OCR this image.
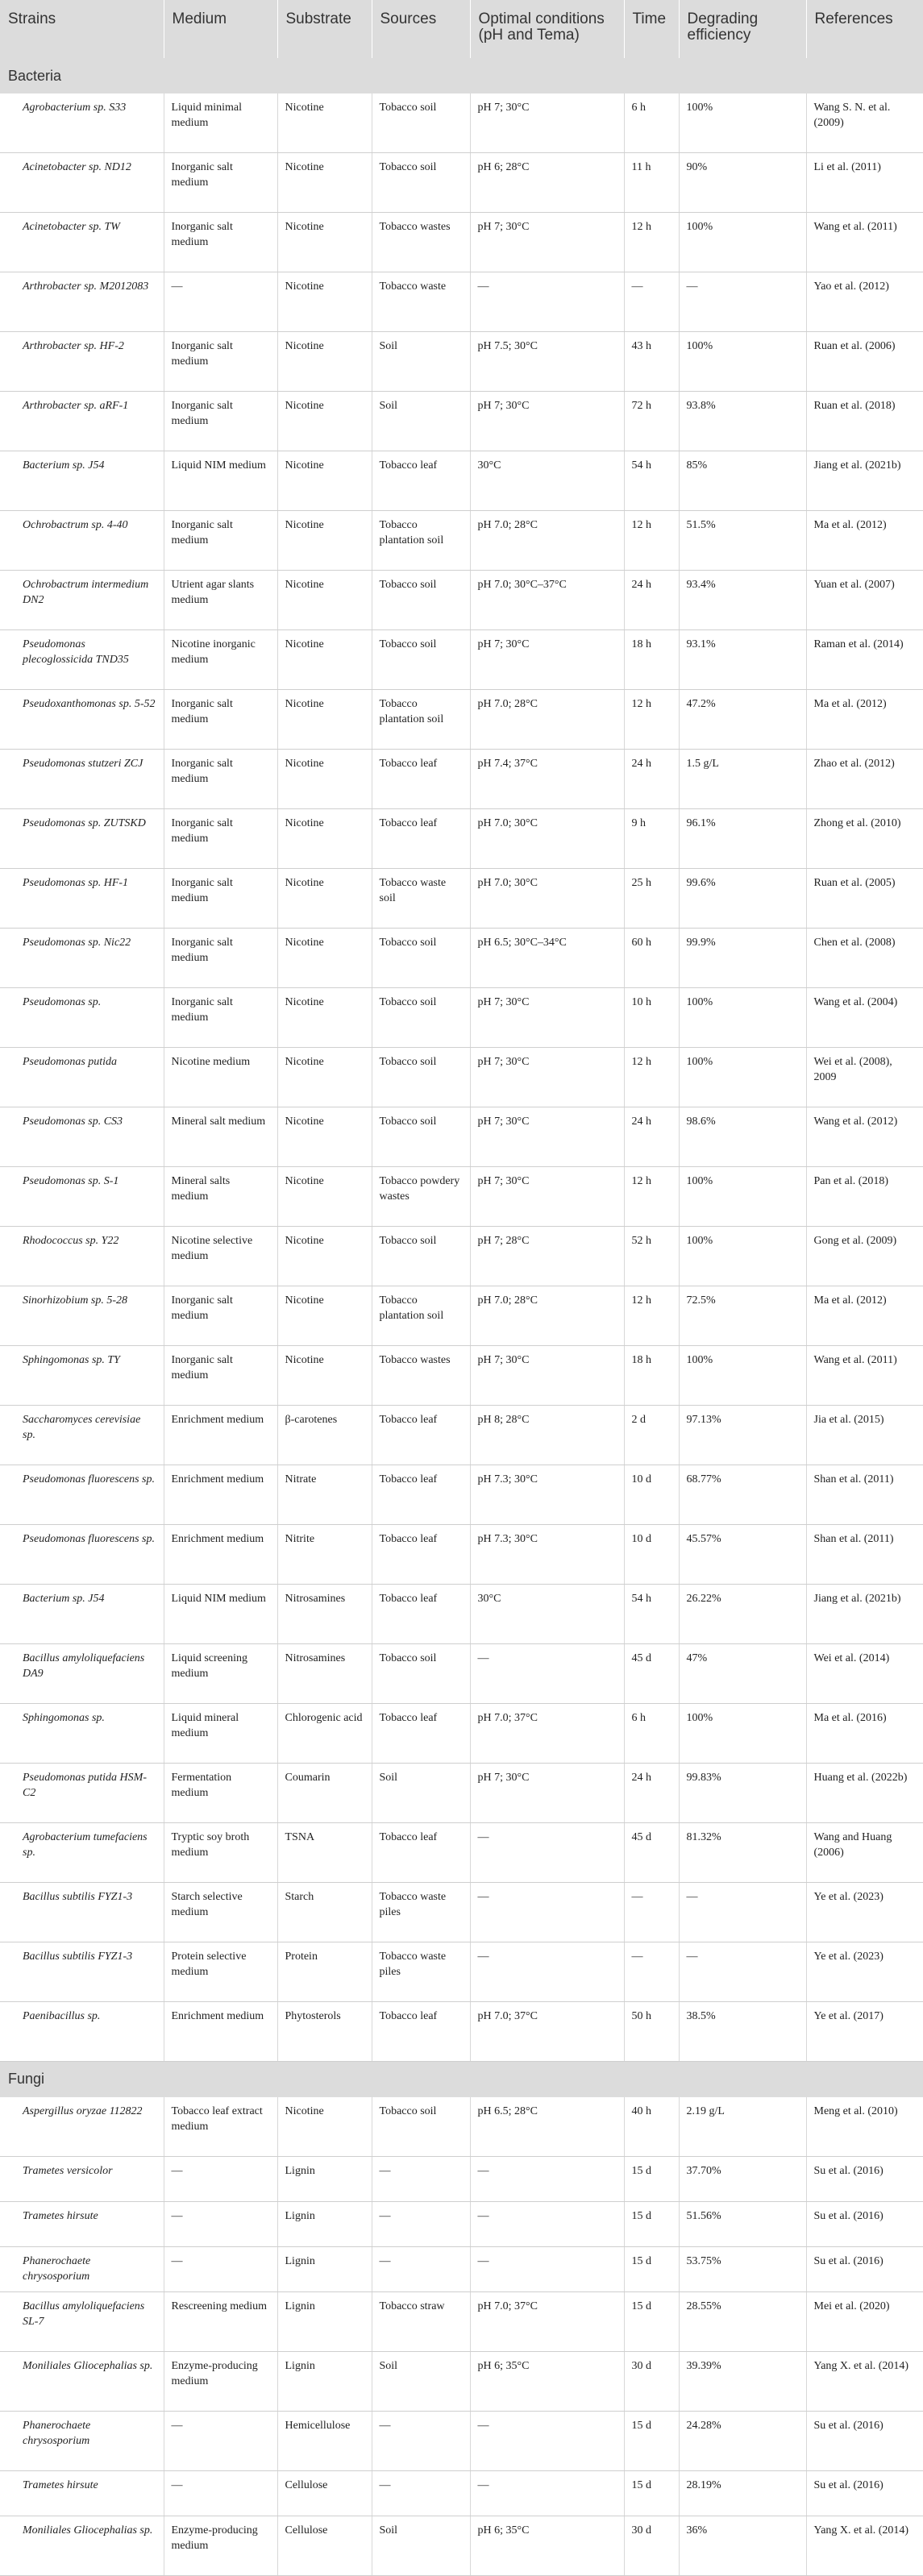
Strains	Medium	Substrate	Sources	Optimal conditions (pH and Tema)	Time	Degrading efficiency	References
Bacteria							
Agrobacterium sp. S33	Liquid minimal medium	Nicotine	Tobacco soil	pH 7; 30°C	6 h	100%	Wang S. N. et al. (2009)
Acinetobacter sp. ND12	Inorganic salt medium	Nicotine	Tobacco soil	pH 6; 28°C	11 h	90%	Li et al. (2011)
Acinetobacter sp. TW	Inorganic salt medium	Nicotine	Tobacco wastes	pH 7; 30°C	12 h	100%	Wang et al. (2011)
Arthrobacter sp. M2012083	—	Nicotine	Tobacco waste	—	—	—	Yao et al. (2012)
Arthrobacter sp. HF-2	Inorganic salt medium	Nicotine	Soil	pH 7.5; 30°C	43 h	100%	Ruan et al. (2006)
Arthrobacter sp. aRF-1	Inorganic salt medium	Nicotine	Soil	pH 7; 30°C	72 h	93.8%	Ruan et al. (2018)
Bacterium sp. J54	Liquid NIM medium	Nicotine	Tobacco leaf	30°C	54 h	85%	Jiang et al. (2021b)
Ochrobactrum sp. 4-40	Inorganic salt medium	Nicotine	Tobacco plantation soil	pH 7.0; 28°C	12 h	51.5%	Ma et al. (2012)
Ochrobactrum intermedium DN2	Utrient agar slants medium	Nicotine	Tobacco soil	pH 7.0; 30°C–37°C	24 h	93.4%	Yuan et al. (2007)
Pseudomonas plecoglossicida TND35	Nicotine inorganic medium	Nicotine	Tobacco soil	pH 7; 30°C	18 h	93.1%	Raman et al. (2014)
Pseudoxanthomonas sp. 5-52	Inorganic salt medium	Nicotine	Tobacco plantation soil	pH 7.0; 28°C	12 h	47.2%	Ma et al. (2012)
Pseudomonas stutzeri ZCJ	Inorganic salt medium	Nicotine	Tobacco leaf	pH 7.4; 37°C	24 h	1.5 g/L	Zhao et al. (2012)
Pseudomonas sp. ZUTSKD	Inorganic salt medium	Nicotine	Tobacco leaf	pH 7.0; 30°C	9 h	96.1%	Zhong et al. (2010)
Pseudomonas sp. HF-1	Inorganic salt medium	Nicotine	Tobacco waste soil	pH 7.0; 30°C	25 h	99.6%	Ruan et al. (2005)
Pseudomonas sp. Nic22	Inorganic salt medium	Nicotine	Tobacco soil	pH 6.5; 30°C–34°C	60 h	99.9%	Chen et al. (2008)
Pseudomonas sp.	Inorganic salt medium	Nicotine	Tobacco soil	pH 7; 30°C	10 h	100%	Wang et al. (2004)
Pseudomonas putida	Nicotine medium	Nicotine	Tobacco soil	pH 7; 30°C	12 h	100%	Wei et al. (2008), 2009
Pseudomonas sp. CS3	Mineral salt medium	Nicotine	Tobacco soil	pH 7; 30°C	24 h	98.6%	Wang et al. (2012)
Pseudomonas sp. S-1	Mineral salts medium	Nicotine	Tobacco powdery wastes	pH 7; 30°C	12 h	100%	Pan et al. (2018)
Rhodococcus sp. Y22	Nicotine selective medium	Nicotine	Tobacco soil	pH 7; 28°C	52 h	100%	Gong et al. (2009)
Sinorhizobium sp. 5-28	Inorganic salt medium	Nicotine	Tobacco plantation soil	pH 7.0; 28°C	12 h	72.5%	Ma et al. (2012)
Sphingomonas sp. TY	Inorganic salt medium	Nicotine	Tobacco wastes	pH 7; 30°C	18 h	100%	Wang et al. (2011)
Saccharomyces cerevisiae sp.	Enrichment medium	β-carotenes	Tobacco leaf	pH 8; 28°C	2 d	97.13%	Jia et al. (2015)
Pseudomonas fluorescens sp.	Enrichment medium	Nitrate	Tobacco leaf	pH 7.3; 30°C	10 d	68.77%	Shan et al. (2011)
Pseudomonas fluorescens sp.	Enrichment medium	Nitrite	Tobacco leaf	pH 7.3; 30°C	10 d	45.57%	Shan et al. (2011)
Bacterium sp. J54	Liquid NIM medium	Nitrosamines	Tobacco leaf	30°C	54 h	26.22%	Jiang et al. (2021b)
Bacillus amyloliquefaciens DA9	Liquid screening medium	Nitrosamines	Tobacco soil	—	45 d	47%	Wei et al. (2014)
Sphingomonas sp.	Liquid mineral medium	Chlorogenic acid	Tobacco leaf	pH 7.0; 37°C	6 h	100%	Ma et al. (2016)
Pseudomonas putida HSM-C2	Fermentation medium	Coumarin	Soil	pH 7; 30°C	24 h	99.83%	Huang et al. (2022b)
Agrobacterium tumefaciens sp.	Tryptic soy broth medium	TSNA	Tobacco leaf	—	45 d	81.32%	Wang and Huang (2006)
Bacillus subtilis FYZ1-3	Starch selective medium	Starch	Tobacco waste piles	—	—	—	Ye et al. (2023)
Bacillus subtilis FYZ1-3	Protein selective medium	Protein	Tobacco waste piles	—	—	—	Ye et al. (2023)
Paenibacillus sp.	Enrichment medium	Phytosterols	Tobacco leaf	pH 7.0; 37°C	50 h	38.5%	Ye et al. (2017)
Fungi							
Aspergillus oryzae 112822	Tobacco leaf extract medium	Nicotine	Tobacco soil	pH 6.5; 28°C	40 h	2.19 g/L	Meng et al. (2010)
Trametes versicolor	—	Lignin	—	—	15 d	37.70%	Su et al. (2016)
Trametes hirsute	—	Lignin	—	—	15 d	51.56%	Su et al. (2016)
Phanerochaete chrysosporium	—	Lignin	—	—	15 d	53.75%	Su et al. (2016)
Bacillus amyloliquefaciens SL-7	Rescreening medium	Lignin	Tobacco straw	pH 7.0; 37°C	15 d	28.55%	Mei et al. (2020)
Moniliales Gliocephalias sp.	Enzyme-producing medium	Lignin	Soil	pH 6; 35°C	30 d	39.39%	Yang X. et al. (2014)
Phanerochaete chrysosporium	—	Hemicellulose	—	—	15 d	24.28%	Su et al. (2016)
Trametes hirsute	—	Cellulose	—	—	15 d	28.19%	Su et al. (2016)
Moniliales Gliocephalias sp.	Enzyme-producing medium	Cellulose	Soil	pH 6; 35°C	30 d	36%	Yang X. et al. (2014)
